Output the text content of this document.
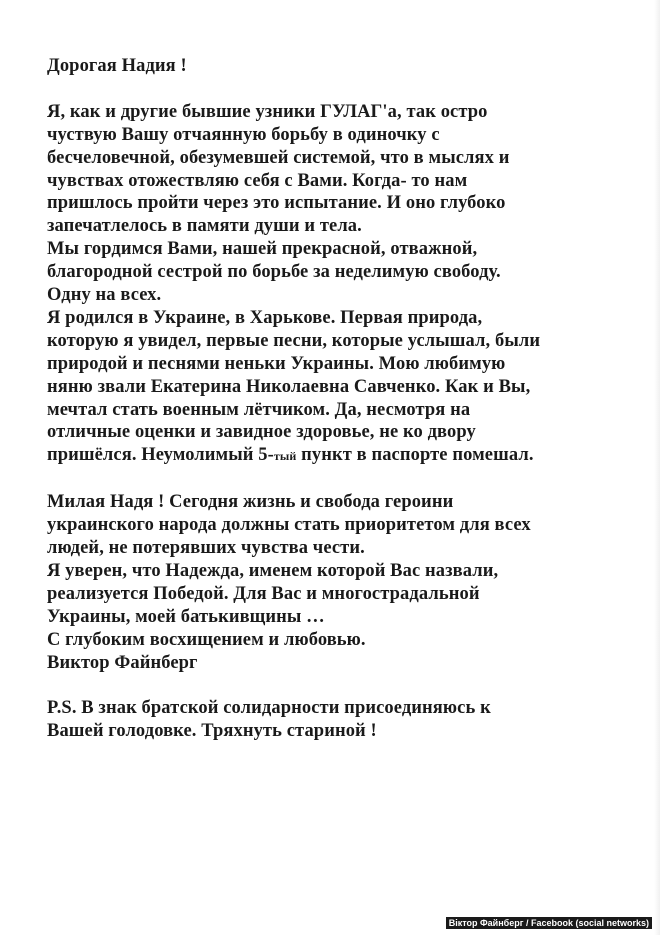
Дорогая Надия !
Я, как и другие бывшие узники ГУЛАГ'а, так остро
чуствую Вашу отчаянную борьбу в одиночку с
бесчеловечной, обезумевшей системой, что в мыслях и
чувствах отожествляю себя с Вами. Когда- то нам
пришлось пройти через это испытание. И оно глубоко
запечатлелось в памяти души и тела.
Мы гордимся Вами, нашей прекрасной, отважной,
благородной сестрой по борьбе за неделимую свободу.
Одну на всех.
Я родился в Украине, в Харькове. Первая природа,
которую я увидел, первые песни, которые услышал, были
природой и песнями неньки Украины. Мою любимую
няню звали Екатерина Николаевна Савченко. Как и Вы,
мечтал стать военным лётчиком. Да, несмотря на
отличные оценки и завидное здоровье, не ко двору
пришёлся. Неумолимый 5-тый пункт в паспорте помешал.
Милая Надя ! Сегодня жизнь и свобода героини
украинского народа должны стать приоритетом для всех
людей, не потерявших чувства чести.
Я уверен, что Надежда, именем которой Вас назвали,
реализуется Победой. Для Вас и многострадальной
Украины, моей батькивщины …
С глубоким восхищением и любовью.
Виктор Файнберг
P.S. В знак братской солидарности присоединяюсь к
Вашей голодовке. Тряхнуть стариной !
Віктор Файнберг / Facebook (social networks)
